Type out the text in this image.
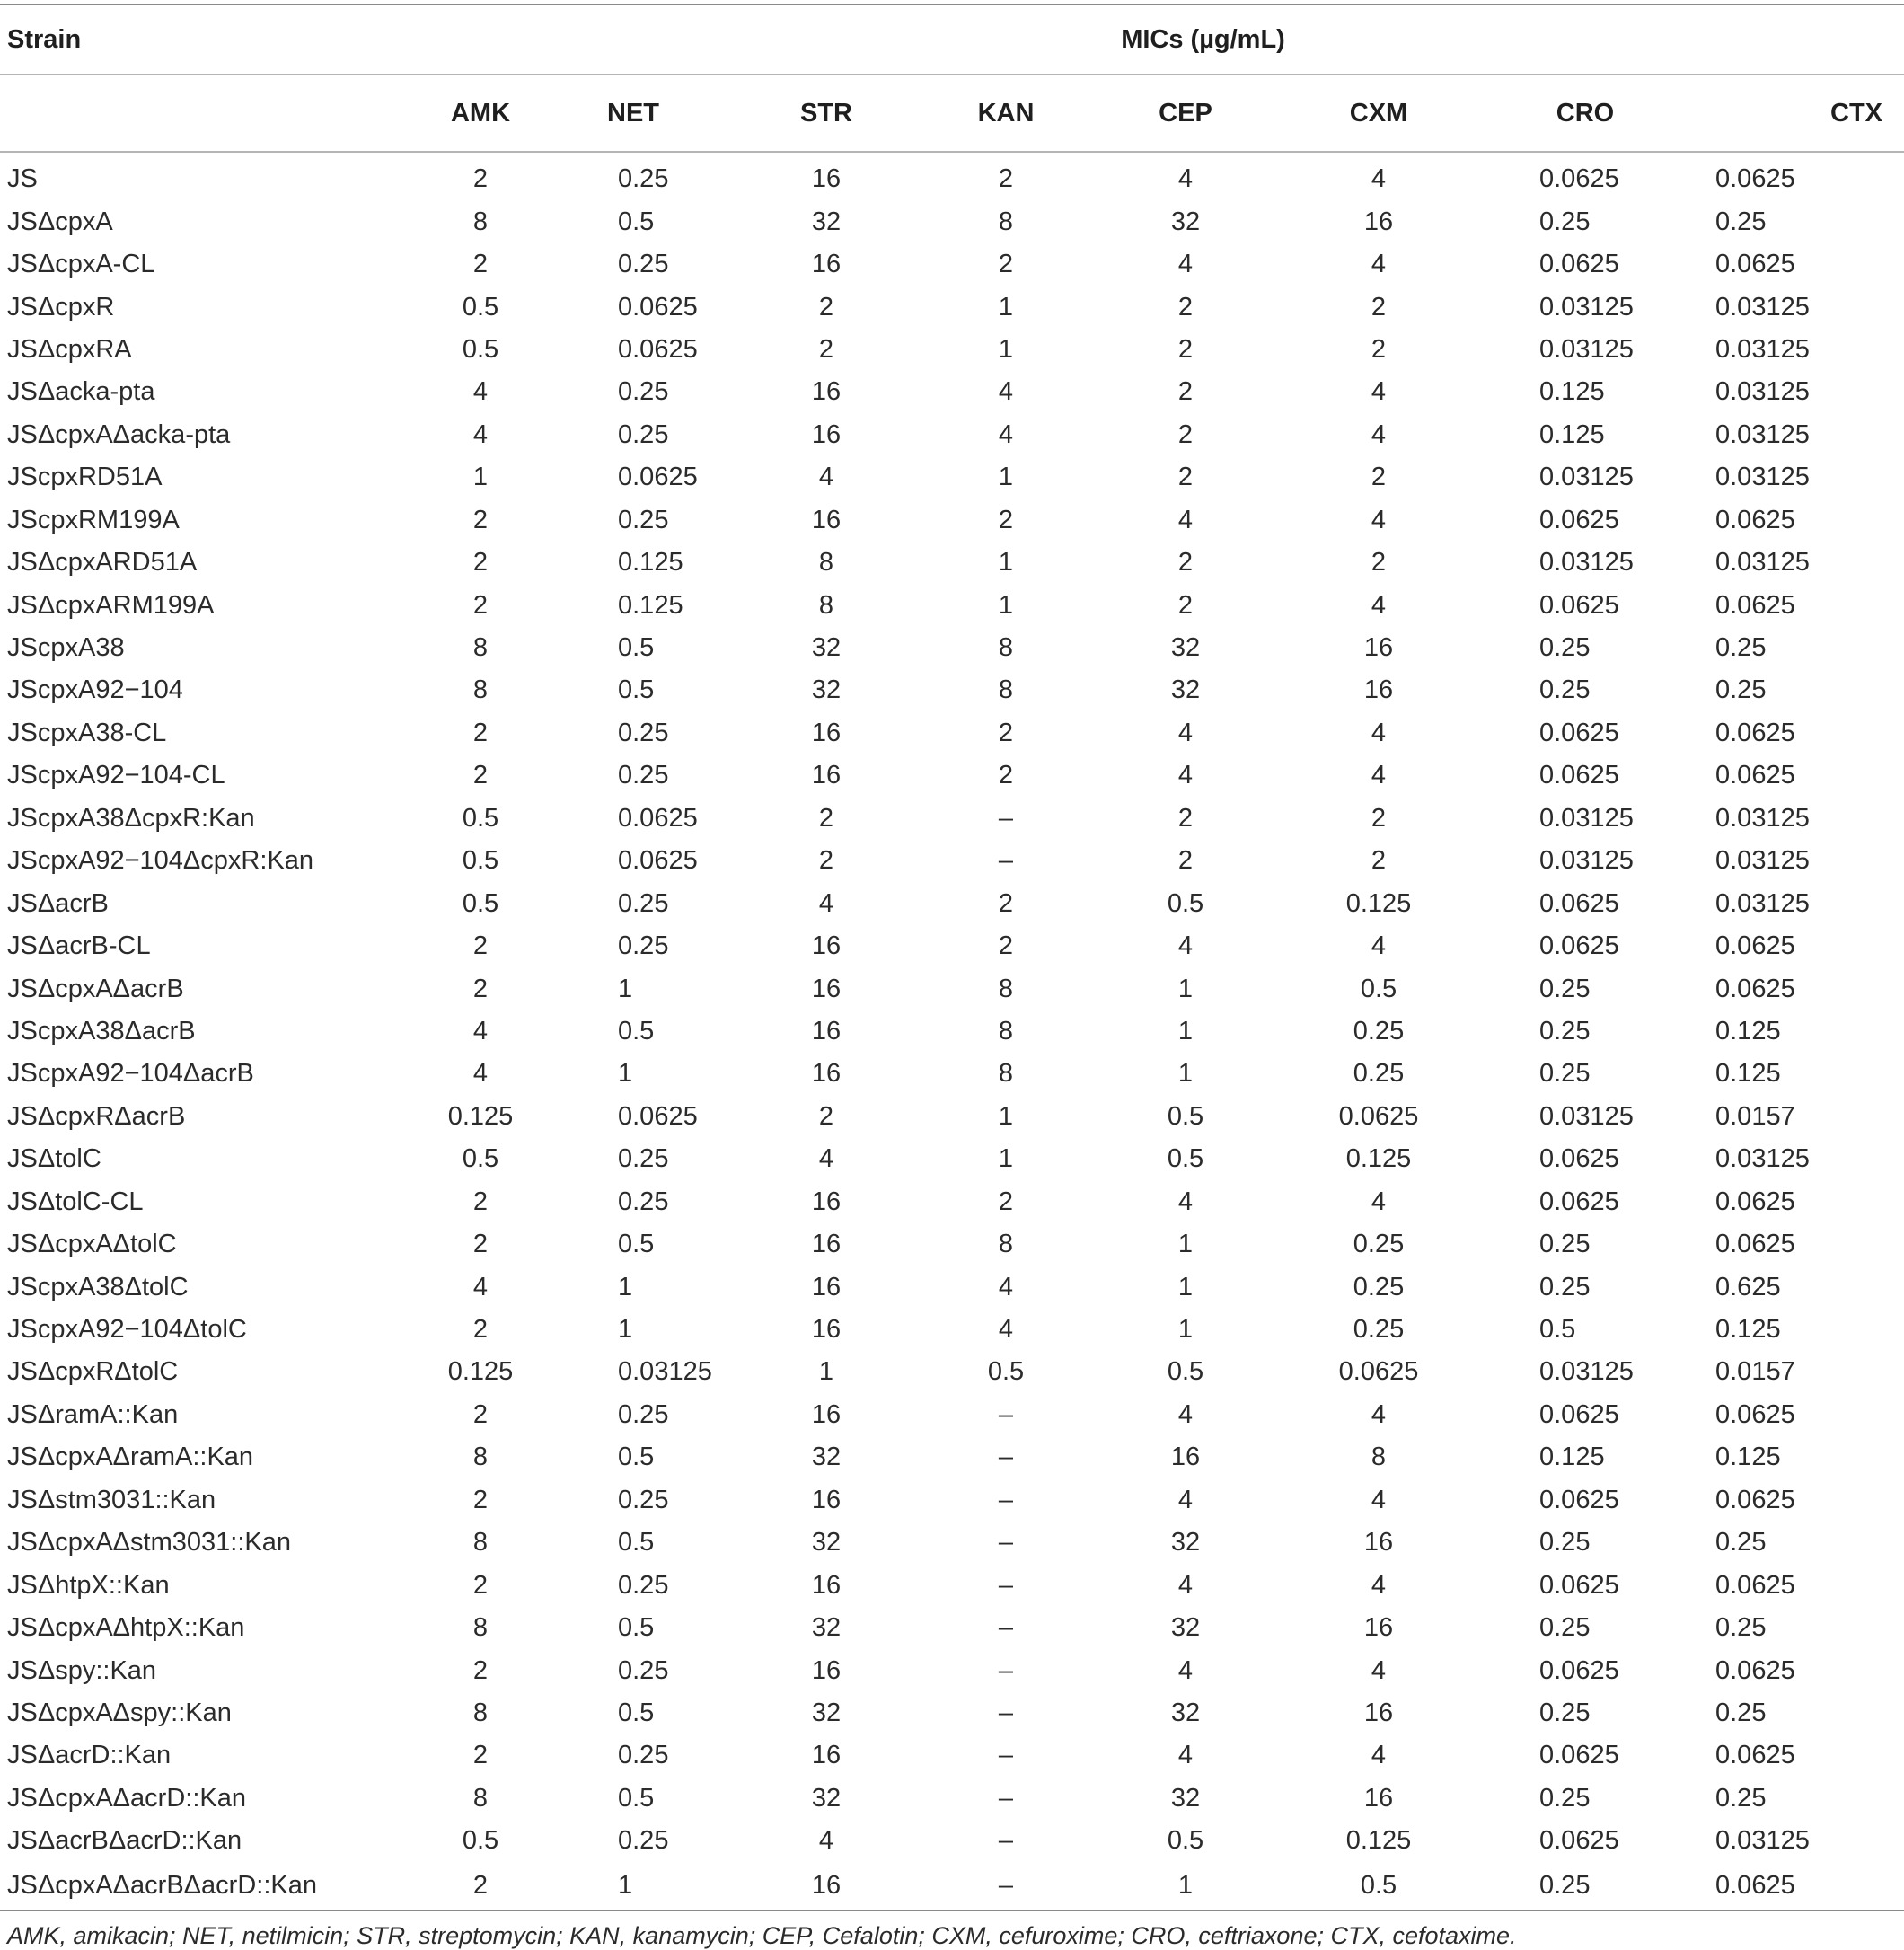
Strain	MICs (µg/mL)							
	AMK	NET	STR	KAN	CEP	CXM	CRO	CTX
JS	2	0.25	16	2	4	4	0.0625	0.0625
JSΔcpxA	8	0.5	32	8	32	16	0.25	0.25
JSΔcpxA-CL	2	0.25	16	2	4	4	0.0625	0.0625
JSΔcpxR	0.5	0.0625	2	1	2	2	0.03125	0.03125
JSΔcpxRA	0.5	0.0625	2	1	2	2	0.03125	0.03125
JSΔacka-pta	4	0.25	16	4	2	4	0.125	0.03125
JSΔcpxAΔacka-pta	4	0.25	16	4	2	4	0.125	0.03125
JScpxRD51A	1	0.0625	4	1	2	2	0.03125	0.03125
JScpxRM199A	2	0.25	16	2	4	4	0.0625	0.0625
JSΔcpxARD51A	2	0.125	8	1	2	2	0.03125	0.03125
JSΔcpxARM199A	2	0.125	8	1	2	4	0.0625	0.0625
JScpxA38	8	0.5	32	8	32	16	0.25	0.25
JScpxA92−104	8	0.5	32	8	32	16	0.25	0.25
JScpxA38-CL	2	0.25	16	2	4	4	0.0625	0.0625
JScpxA92−104-CL	2	0.25	16	2	4	4	0.0625	0.0625
JScpxA38ΔcpxR:Kan	0.5	0.0625	2	–	2	2	0.03125	0.03125
JScpxA92−104ΔcpxR:Kan	0.5	0.0625	2	–	2	2	0.03125	0.03125
JSΔacrB	0.5	0.25	4	2	0.5	0.125	0.0625	0.03125
JSΔacrB-CL	2	0.25	16	2	4	4	0.0625	0.0625
JSΔcpxAΔacrB	2	1	16	8	1	0.5	0.25	0.0625
JScpxA38ΔacrB	4	0.5	16	8	1	0.25	0.25	0.125
JScpxA92−104ΔacrB	4	1	16	8	1	0.25	0.25	0.125
JSΔcpxRΔacrB	0.125	0.0625	2	1	0.5	0.0625	0.03125	0.0157
JSΔtolC	0.5	0.25	4	1	0.5	0.125	0.0625	0.03125
JSΔtolC-CL	2	0.25	16	2	4	4	0.0625	0.0625
JSΔcpxAΔtolC	2	0.5	16	8	1	0.25	0.25	0.0625
JScpxA38ΔtolC	4	1	16	4	1	0.25	0.25	0.625
JScpxA92−104ΔtolC	2	1	16	4	1	0.25	0.5	0.125
JSΔcpxRΔtolC	0.125	0.03125	1	0.5	0.5	0.0625	0.03125	0.0157
JSΔramA::Kan	2	0.25	16	–	4	4	0.0625	0.0625
JSΔcpxAΔramA::Kan	8	0.5	32	–	16	8	0.125	0.125
JSΔstm3031::Kan	2	0.25	16	–	4	4	0.0625	0.0625
JSΔcpxAΔstm3031::Kan	8	0.5	32	–	32	16	0.25	0.25
JSΔhtpX::Kan	2	0.25	16	–	4	4	0.0625	0.0625
JSΔcpxAΔhtpX::Kan	8	0.5	32	–	32	16	0.25	0.25
JSΔspy::Kan	2	0.25	16	–	4	4	0.0625	0.0625
JSΔcpxAΔspy::Kan	8	0.5	32	–	32	16	0.25	0.25
JSΔacrD::Kan	2	0.25	16	–	4	4	0.0625	0.0625
JSΔcpxAΔacrD::Kan	8	0.5	32	–	32	16	0.25	0.25
JSΔacrBΔacrD::Kan	0.5	0.25	4	–	0.5	0.125	0.0625	0.03125
JSΔcpxAΔacrBΔacrD::Kan	2	1	16	–	1	0.5	0.25	0.0625
AMK, amikacin; NET, netilmicin; STR, streptomycin; KAN, kanamycin; CEP, Cefalotin; CXM, cefuroxime; CRO, ceftriaxone; CTX, cefotaxime.
